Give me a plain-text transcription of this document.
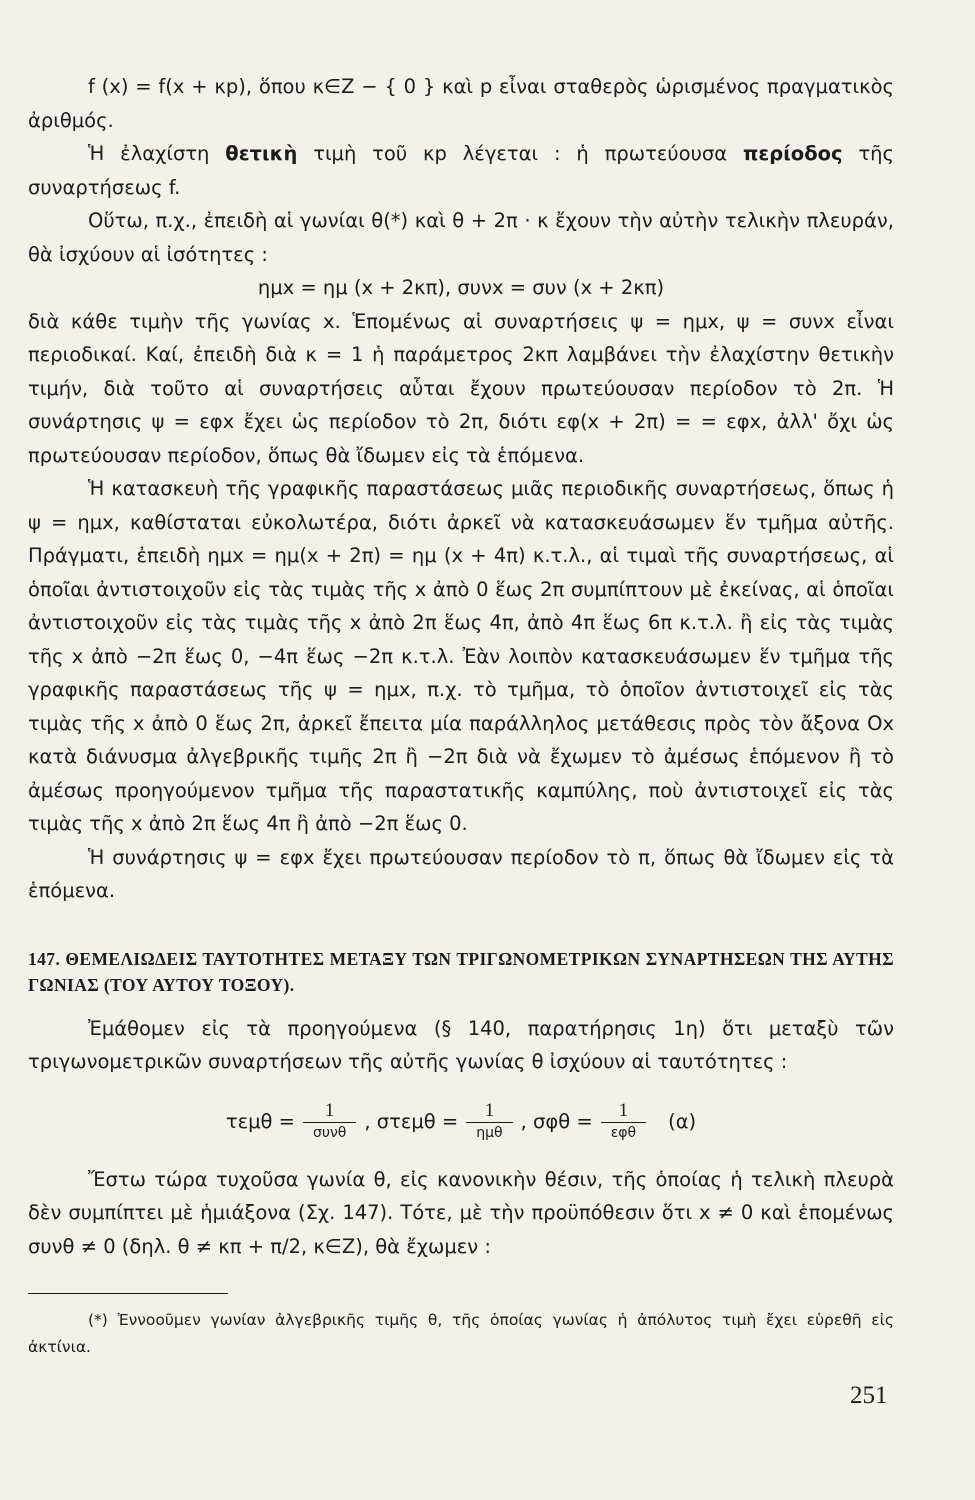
f (x) = f(x + κp), ὅπου κ∈Z − { 0 } καὶ p εἶναι σταθερὸς ὡρισμένος πραγματικὸς ἀριθμός.

Ἡ ἐλαχίστη θετικὴ τιμὴ τοῦ κp λέγεται : ἡ πρωτεύουσα περίοδος τῆς συναρτήσεως f.

Οὕτω, π.χ., ἐπειδὴ αἱ γωνίαι θ(*) καὶ θ + 2π · κ ἔχουν τὴν αὐτὴν τελικὴν πλευράν, θὰ ἰσχύουν αἱ ἰσότητες :

ημx = ημ (x + 2κπ), συνx = συν (x + 2κπ)

διὰ κάθε τιμὴν τῆς γωνίας x. Ἑπομένως αἱ συναρτήσεις ψ = ημx, ψ = συνx εἶναι περιοδικαί. Καί, ἐπειδὴ διὰ κ = 1 ἡ παράμετρος 2κπ λαμβάνει τὴν ἐλαχίστην θετικὴν τιμήν, διὰ τοῦτο αἱ συναρτήσεις αὗται ἔχουν πρωτεύουσαν περίοδον τὸ 2π. Ἡ συνάρτησις ψ = εφx ἔχει ὡς περίοδον τὸ 2π, διότι εφ(x + 2π) = = εφx, ἀλλ' ὄχι ὡς πρωτεύουσαν περίοδον, ὅπως θὰ ἴδωμεν εἰς τὰ ἑπόμενα.

Ἡ κατασκευὴ τῆς γραφικῆς παραστάσεως μιᾶς περιοδικῆς συναρτήσεως, ὅπως ἡ ψ = ημx, καθίσταται εὐκολωτέρα, διότι ἀρκεῖ νὰ κατασκευάσωμεν ἕν τμῆμα αὐτῆς. Πράγματι, ἐπειδὴ ημx = ημ(x + 2π) = ημ (x + 4π) κ.τ.λ., αἱ τιμαὶ τῆς συναρτήσεως, αἱ ὁποῖαι ἀντιστοιχοῦν εἰς τὰς τιμὰς τῆς x ἀπὸ 0 ἕως 2π συμπίπτουν μὲ ἐκείνας, αἱ ὁποῖαι ἀντιστοιχοῦν εἰς τὰς τιμὰς τῆς x ἀπὸ 2π ἕως 4π, ἀπὸ 4π ἕως 6π κ.τ.λ. ἢ εἰς τὰς τιμὰς τῆς x ἀπὸ −2π ἕως 0, −4π ἕως −2π κ.τ.λ. Ἐὰν λοιπὸν κατασκευάσωμεν ἕν τμῆμα τῆς γραφικῆς παραστάσεως τῆς ψ = ημx, π.χ. τὸ τμῆμα, τὸ ὁποῖον ἀντιστοιχεῖ εἰς τὰς τιμὰς τῆς x ἀπὸ 0 ἕως 2π, ἀρκεῖ ἔπειτα μία παράλληλος μετάθεσις πρὸς τὸν ἄξονα Ox κατὰ διάνυσμα ἀλγεβρικῆς τιμῆς 2π ἢ −2π διὰ νὰ ἔχωμεν τὸ ἀμέσως ἑπόμενον ἢ τὸ ἀμέσως προηγούμενον τμῆμα τῆς παραστατικῆς καμπύλης, ποὺ ἀντιστοιχεῖ εἰς τὰς τιμὰς τῆς x ἀπὸ 2π ἕως 4π ἢ ἀπὸ −2π ἕως 0.

Ἡ συνάρτησις ψ = εφx ἔχει πρωτεύουσαν περίοδον τὸ π, ὅπως θὰ ἴδωμεν εἰς τὰ ἑπόμενα.

147. ΘΕΜΕΛΙΩΔΕΙΣ ΤΑΥΤΟΤΗΤΕΣ ΜΕΤΑΞΥ ΤΩΝ ΤΡΙΓΩΝΟΜΕΤΡΙΚΩΝ ΣΥΝΑΡΤΗΣΕΩΝ ΤΗΣ ΑΥΤΗΣ ΓΩΝΙΑΣ (ΤΟΥ ΑΥΤΟΥ ΤΟΞΟΥ).

Ἐμάθομεν εἰς τὰ προηγούμενα (§ 140, παρατήρησις 1η) ὅτι μεταξὺ τῶν τριγωνομετρικῶν συναρτήσεων τῆς αὐτῆς γωνίας θ ἰσχύουν αἱ ταυτότητες :

$\tau\varepsilon\mu\theta = \frac{1}{\text{συνθ}}$ , $\sigma\tau\varepsilon\mu\theta = \frac{1}{\text{ημθ}}$ , $\sigma\varphi\theta = \frac{1}{\text{εφθ}} (\alpha)$

Ἔστω τώρα τυχοῦσα γωνία θ, εἰς κανονικὴν θέσιν, τῆς ὁποίας ἡ τελικὴ πλευρὰ δὲν συμπίπτει μὲ ἡμιάξονα (Σχ. 147). Τότε, μὲ τὴν προϋπόθεσιν ὅτι x ≠ 0 καὶ ἑπομένως συνθ ≠ 0 (δηλ. θ ≠ κπ + π/2, κ∈Z), θὰ ἔχωμεν :

(*) Ἐννοοῦμεν γωνίαν ἀλγεβρικῆς τιμῆς θ, τῆς ὁποίας γωνίας ἡ ἀπόλυτος τιμὴ ἔχει εὑρεθῆ εἰς ἀκτίνια.

251
